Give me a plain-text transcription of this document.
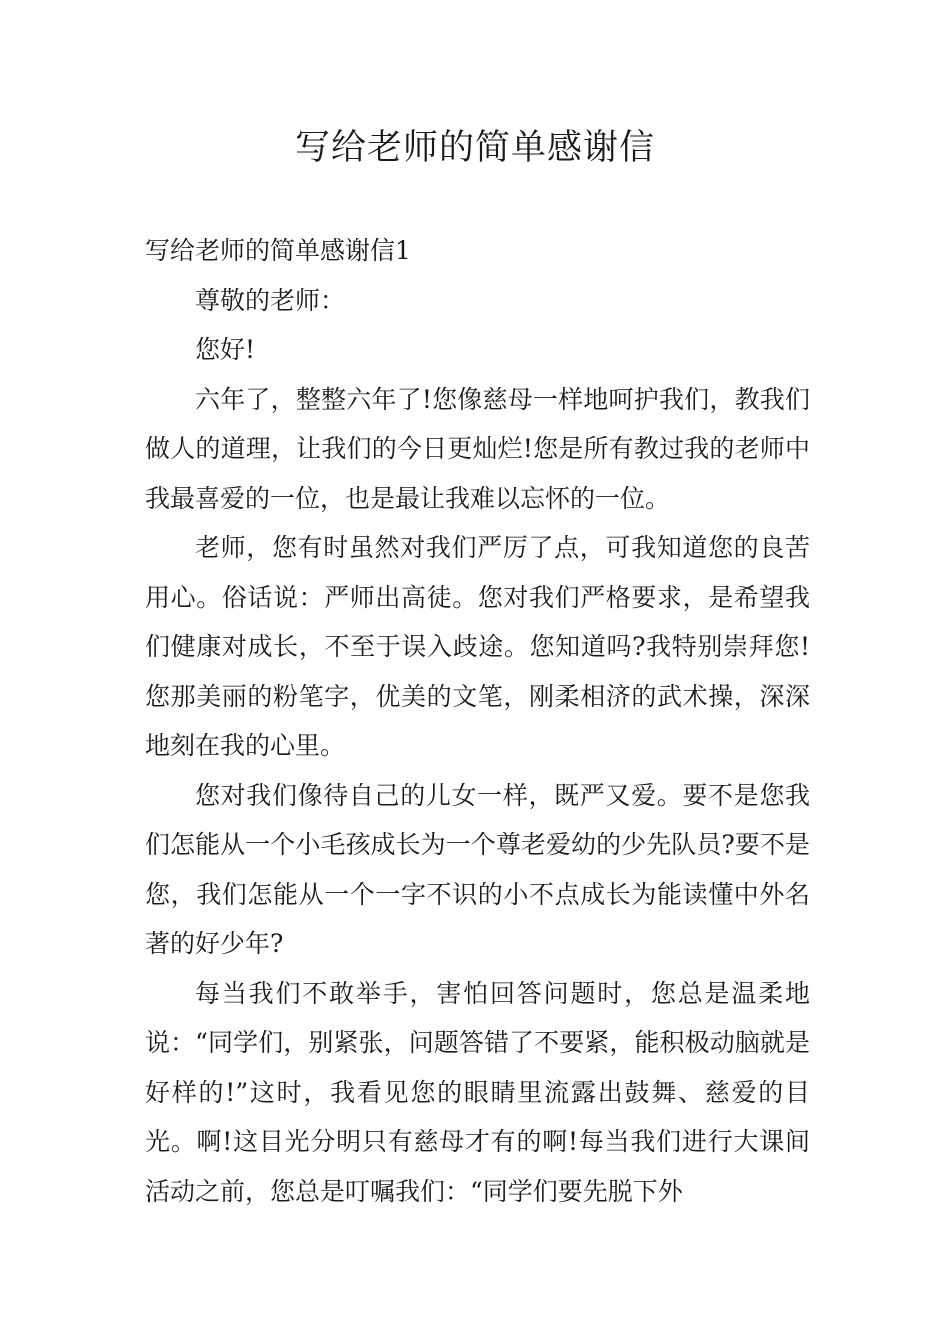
写给老师的简单感谢信

写给老师的简单感谢信1

尊敬的老师：

您好!

六年了，整整六年了!您像慈母一样地呵护我们，教我们做人的道理，让我们的今日更灿烂!您是所有教过我的老师中我最喜爱的一位，也是最让我难以忘怀的一位。

老师，您有时虽然对我们严厉了点，可我知道您的良苦用心。俗话说：严师出高徒。您对我们严格要求，是希望我们健康对成长，不至于误入歧途。您知道吗?我特别崇拜您!您那美丽的粉笔字，优美的文笔，刚柔相济的武术操，深深地刻在我的心里。

您对我们像待自己的儿女一样，既严又爱。要不是您我们怎能从一个小毛孩成长为一个尊老爱幼的少先队员?要不是您，我们怎能从一个一字不识的小不点成长为能读懂中外名著的好少年?

每当我们不敢举手，害怕回答问题时，您总是温柔地说：“同学们，别紧张，问题答错了不要紧，能积极动脑就是好样的!”这时，我看见您的眼睛里流露出鼓舞、慈爱的目光。啊!这目光分明只有慈母才有的啊!每当我们进行大课间活动之前，您总是叮嘱我们：“同学们要先脱下外
